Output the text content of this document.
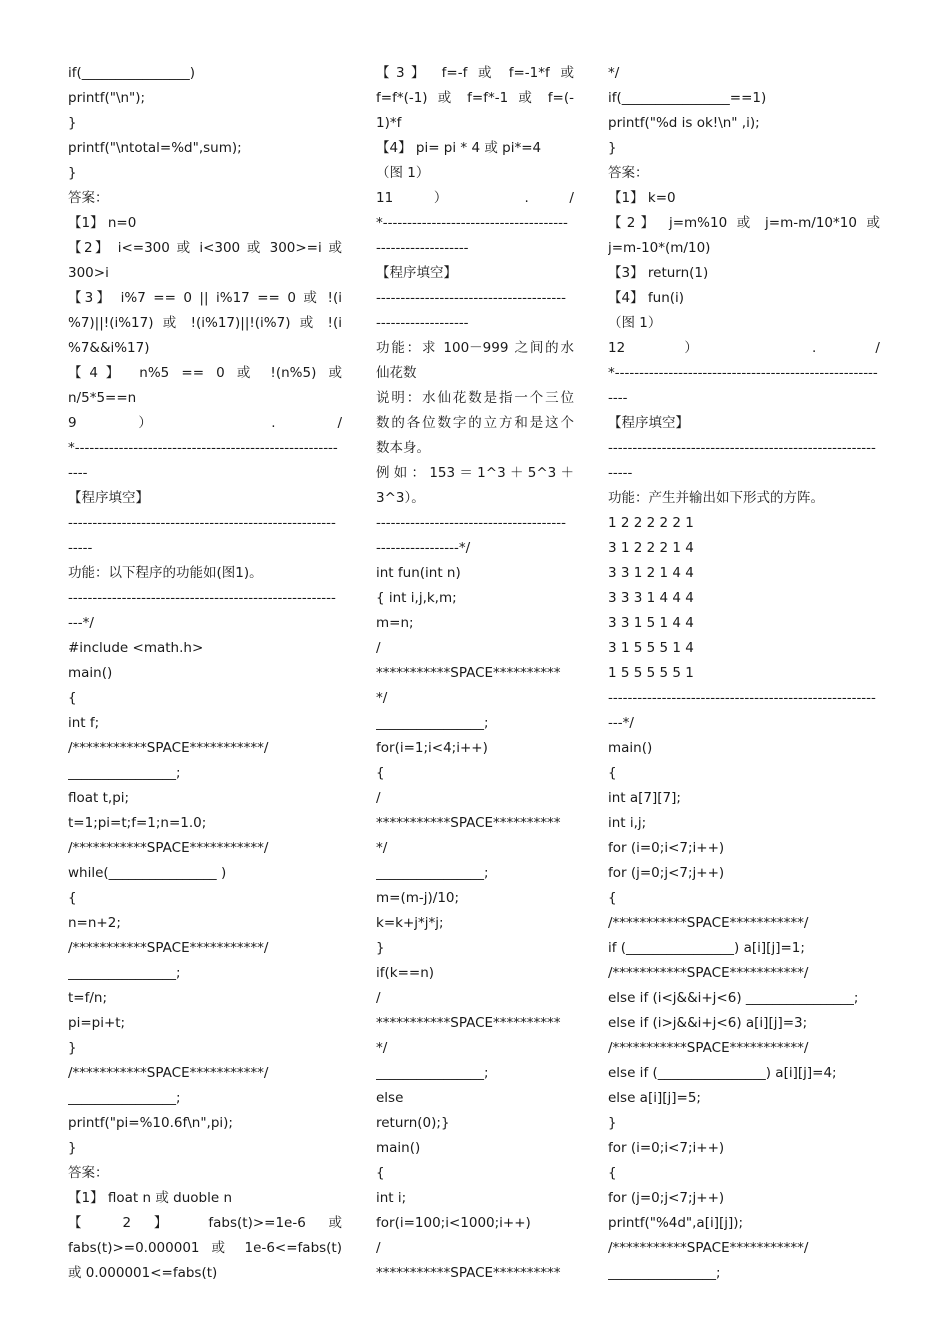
if(________________)
printf("\n");
}
printf("\ntotal=%d",sum);
}
答案：
【1】 n=0
【2】 i<=300 或 i<300 或 300>=i 或
300>i
【3】 i%7 == 0 || i%17 == 0 或 !(i
%7)||!(i%17) 或 !(i%17)||!(i%7) 或 !(i
%7&&i%17)
【4】 n%5 == 0 或 !(n%5) 或
n/5*5==n
9 ） . /
*------------------------------------------------------
----
【程序填空】
-------------------------------------------------------
-----
功能：以下程序的功能如(图1)。
-------------------------------------------------------
---*/
#include <math.h>
main()
{
int f;
/***********SPACE***********/
________________;
float t,pi;
t=1;pi=t;f=1;n=1.0;
/***********SPACE***********/
while(________________ )
{
n=n+2;
/***********SPACE***********/
________________;
t=f/n;
pi=pi+t;
}
/***********SPACE***********/
________________;
printf("pi=%10.6f\n",pi);
}
答案：
【1】 float n 或 duoble n
【 2 】 fabs(t)>=1e-6 或
fabs(t)>=0.000001 或 1e-6<=fabs(t)
或 0.000001<=fabs(t)
【3】 f=-f 或 f=-1*f 或
f=f*(-1) 或 f=f*-1 或 f=(-
1)*f
【4】 pi= pi * 4 或 pi*=4
（图 1）
11 ） . /
*--------------------------------------
-------------------
【程序填空】
---------------------------------------
-------------------
功能：求 100－999 之间的水
仙花数
说明：水仙花数是指一个三位
数的各位数字的立方和是这个
数本身。
例如：153＝1^3＋5^3＋
3^3）。
---------------------------------------
-----------------*/
int fun(int n)
{ int i,j,k,m;
m=n;
/
***********SPACE**********
*/
________________;
for(i=1;i<4;i++)
{
/
***********SPACE**********
*/
________________;
m=(m-j)/10;
k=k+j*j*j;
}
if(k==n)
/
***********SPACE**********
*/
________________;
else
return(0);}
main()
{
int i;
for(i=100;i<1000;i++)
/
***********SPACE**********
*/
if(________________==1)
printf("%d is ok!\n" ,i);
}
答案：
【1】 k=0
【2】 j=m%10 或 j=m-m/10*10 或
j=m-10*(m/10)
【3】 return(1)
【4】 fun(i)
（图 1）
12 ） . /
*------------------------------------------------------
----
【程序填空】
-------------------------------------------------------
-----
功能：产生并输出如下形式的方阵。
1 2 2 2 2 2 1
3 1 2 2 2 1 4
3 3 1 2 1 4 4
3 3 3 1 4 4 4
3 3 1 5 1 4 4
3 1 5 5 5 1 4
1 5 5 5 5 5 1
-------------------------------------------------------
---*/
main()
{
int a[7][7];
int i,j;
for (i=0;i<7;i++)
for (j=0;j<7;j++)
{
/***********SPACE***********/
if (________________) a[i][j]=1;
/***********SPACE***********/
else if (i<j&&i+j<6) ________________;
else if (i>j&&i+j<6) a[i][j]=3;
/***********SPACE***********/
else if (________________) a[i][j]=4;
else a[i][j]=5;
}
for (i=0;i<7;i++)
{
for (j=0;j<7;j++)
printf("%4d",a[i][j]);
/***********SPACE***********/
________________;
